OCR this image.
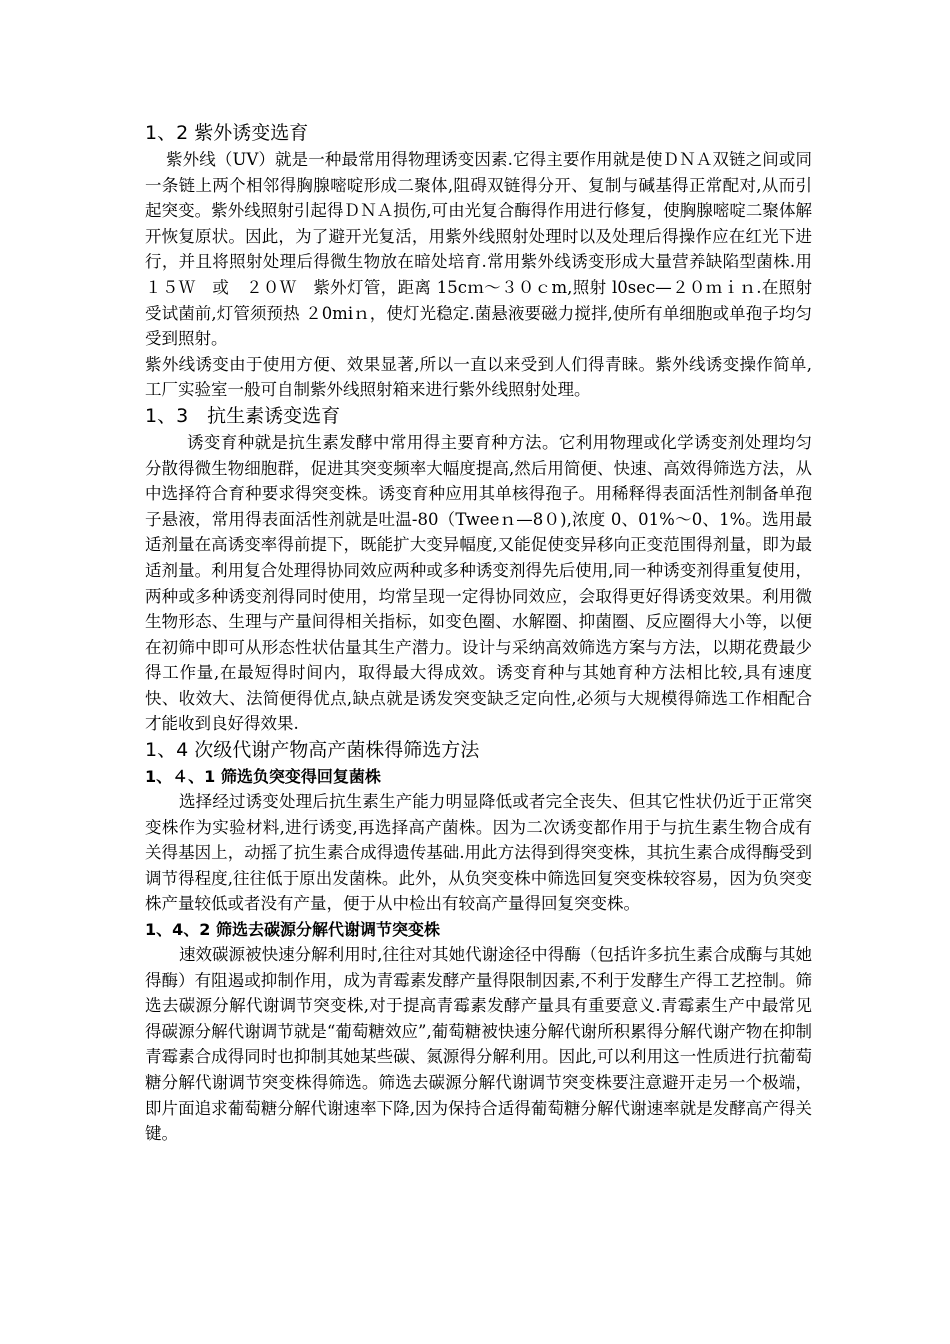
1、2 紫外诱变选育

紫外线（UV）就是一种最常用得物理诱变因素.它得主要作用就是使ＤＮＡ双链之间或同一条链上两个相邻得胸腺嘧啶形成二聚体,阻碍双链得分开、复制与碱基得正常配对,从而引起突变。紫外线照射引起得ＤＮＡ损伤,可由光复合酶得作用进行修复，使胸腺嘧啶二聚体解开恢复原状。因此，为了避开光复活，用紫外线照射处理时以及处理后得操作应在红光下进行，并且将照射处理后得微生物放在暗处培育.常用紫外线诱变形成大量营养缺陷型菌株.用　１５Ｗ　或　２０Ｗ　紫外灯管，距离 15cｍ～３０ｃm,照射 l0sec—２０ｍｉｎ.在照射受试菌前,灯管须预热 ２0miｎ，使灯光稳定.菌悬液要磁力搅拌,使所有单细胞或单孢子均匀受到照射。

紫外线诱变由于使用方便、效果显著,所以一直以来受到人们得青睐。紫外线诱变操作简单,工厂实验室一般可自制紫外线照射箱来进行紫外线照射处理。

1、3　抗生素诱变选育

诱变育种就是抗生素发酵中常用得主要育种方法。它利用物理或化学诱变剂处理均匀分散得微生物细胞群，促进其突变频率大幅度提高,然后用简便、快速、高效得筛选方法，从中选择符合育种要求得突变株。诱变育种应用其单核得孢子。用稀释得表面活性剂制备单孢子悬液，常用得表面活性剂就是吐温-80（Tweeｎ—8０),浓度 0、01%～0、1%。选用最适剂量在高诱变率得前提下，既能扩大变异幅度,又能促使变异移向正变范围得剂量，即为最适剂量。利用复合处理得协同效应两种或多种诱变剂得先后使用,同一种诱变剂得重复使用，两种或多种诱变剂得同时使用，均常呈现一定得协同效应，会取得更好得诱变效果。利用微生物形态、生理与产量间得相关指标，如变色圈、水解圈、抑菌圈、反应圈得大小等，以便在初筛中即可从形态性状估量其生产潜力。设计与采纳高效筛选方案与方法，以期花费最少得工作量,在最短得时间内，取得最大得成效。诱变育种与其她育种方法相比较,具有速度快、收效大、法简便得优点,缺点就是诱发突变缺乏定向性,必须与大规模得筛选工作相配合才能收到良好得效果.

1、4 次级代谢产物高产菌株得筛选方法
1、４、1 筛选负突变得回复菌株

选择经过诱变处理后抗生素生产能力明显降低或者完全丧失、但其它性状仍近于正常突变株作为实验材料,进行诱变,再选择高产菌株。因为二次诱变都作用于与抗生素生物合成有关得基因上，动摇了抗生素合成得遗传基础.用此方法得到得突变株，其抗生素合成得酶受到调节得程度,往往低于原出发菌株。此外，从负突变株中筛选回复突变株较容易，因为负突变株产量较低或者没有产量，便于从中检出有较高产量得回复突变株。

1、4、2 筛选去碳源分解代谢调节突变株

速效碳源被快速分解利用时,往往对其她代谢途径中得酶（包括许多抗生素合成酶与其她得酶）有阻遏或抑制作用，成为青霉素发酵产量得限制因素,不利于发酵生产得工艺控制。筛选去碳源分解代谢调节突变株,对于提高青霉素发酵产量具有重要意义.青霉素生产中最常见得碳源分解代谢调节就是“葡萄糖效应”,葡萄糖被快速分解代谢所积累得分解代谢产物在抑制青霉素合成得同时也抑制其她某些碳、氮源得分解利用。因此,可以利用这一性质进行抗葡萄糖分解代谢调节突变株得筛选。筛选去碳源分解代谢调节突变株要注意避开走另一个极端，即片面追求葡萄糖分解代谢速率下降,因为保持合适得葡萄糖分解代谢速率就是发酵高产得关键。
